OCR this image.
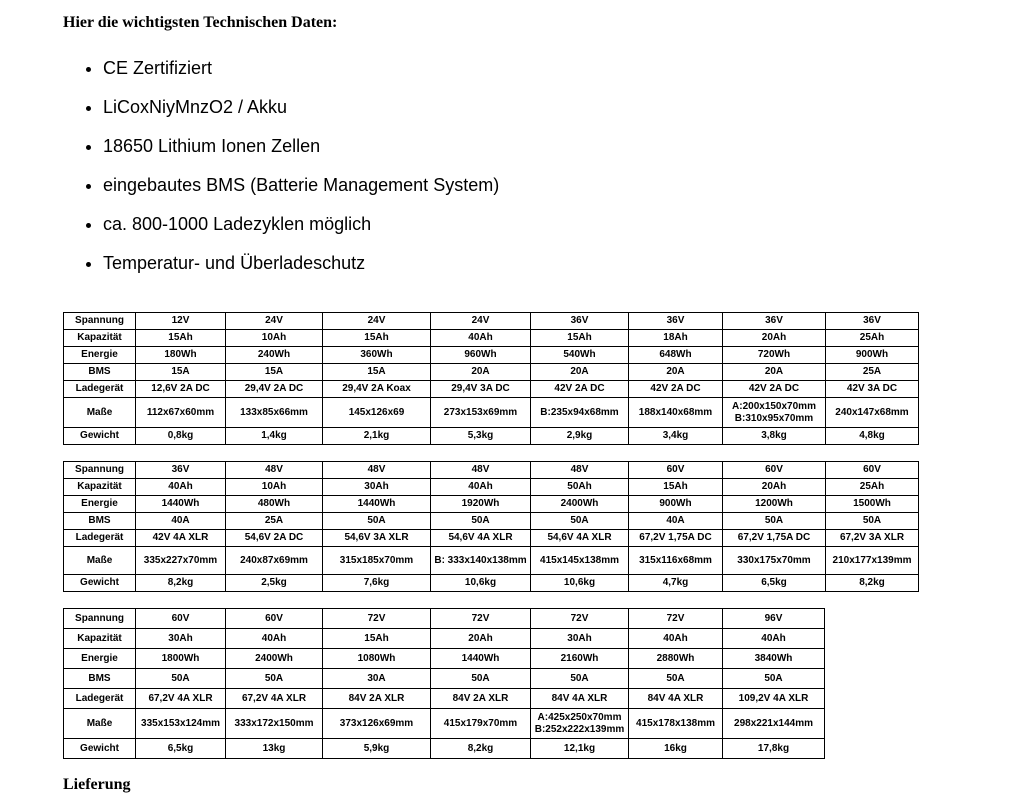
Hier die wichtigsten Technischen Daten:
• CE Zertifiziert
• LiCoxNiyMnzO2 / Akku
• 18650 Lithium Ionen Zellen
• eingebautes BMS (Batterie Management System)
• ca. 800-1000 Ladezyklen möglich
• Temperatur- und Überladeschutz
Spannung	12V	24V	24V	24V	36V	36V	36V	36V
Kapazität	15Ah	10Ah	15Ah	40Ah	15Ah	18Ah	20Ah	25Ah
Energie	180Wh	240Wh	360Wh	960Wh	540Wh	648Wh	720Wh	900Wh
BMS	15A	15A	15A	20A	20A	20A	20A	25A
Ladegerät	12,6V 2A DC	29,4V 2A DC	29,4V 2A Koax	29,4V 3A DC	42V 2A DC	42V 2A DC	42V 2A DC	42V 3A DC
Maße	112x67x60mm	133x85x66mm	145x126x69	273x153x69mm	B:235x94x68mm	188x140x68mm	A:200x150x70mm B:310x95x70mm	240x147x68mm
Gewicht	0,8kg	1,4kg	2,1kg	5,3kg	2,9kg	3,4kg	3,8kg	4,8kg
Spannung	36V	48V	48V	48V	48V	60V	60V	60V
Kapazität	40Ah	10Ah	30Ah	40Ah	50Ah	15Ah	20Ah	25Ah
Energie	1440Wh	480Wh	1440Wh	1920Wh	2400Wh	900Wh	1200Wh	1500Wh
BMS	40A	25A	50A	50A	50A	40A	50A	50A
Ladegerät	42V 4A XLR	54,6V 2A DC	54,6V 3A XLR	54,6V 4A XLR	54,6V 4A XLR	67,2V 1,75A DC	67,2V 1,75A DC	67,2V 3A XLR
Maße	335x227x70mm	240x87x69mm	315x185x70mm	B: 333x140x138mm	415x145x138mm	315x116x68mm	330x175x70mm	210x177x139mm
Gewicht	8,2kg	2,5kg	7,6kg	10,6kg	10,6kg	4,7kg	6,5kg	8,2kg
Spannung	60V	60V	72V	72V	72V	72V	96V
Kapazität	30Ah	40Ah	15Ah	20Ah	30Ah	40Ah	40Ah
Energie	1800Wh	2400Wh	1080Wh	1440Wh	2160Wh	2880Wh	3840Wh
BMS	50A	50A	30A	50A	50A	50A	50A
Ladegerät	67,2V 4A XLR	67,2V 4A XLR	84V 2A XLR	84V 2A XLR	84V 4A XLR	84V 4A XLR	109,2V 4A XLR
Maße	335x153x124mm	333x172x150mm	373x126x69mm	415x179x70mm	A:425x250x70mm B:252x222x139mm	415x178x138mm	298x221x144mm
Gewicht	6,5kg	13kg	5,9kg	8,2kg	12,1kg	16kg	17,8kg
Lieferung
